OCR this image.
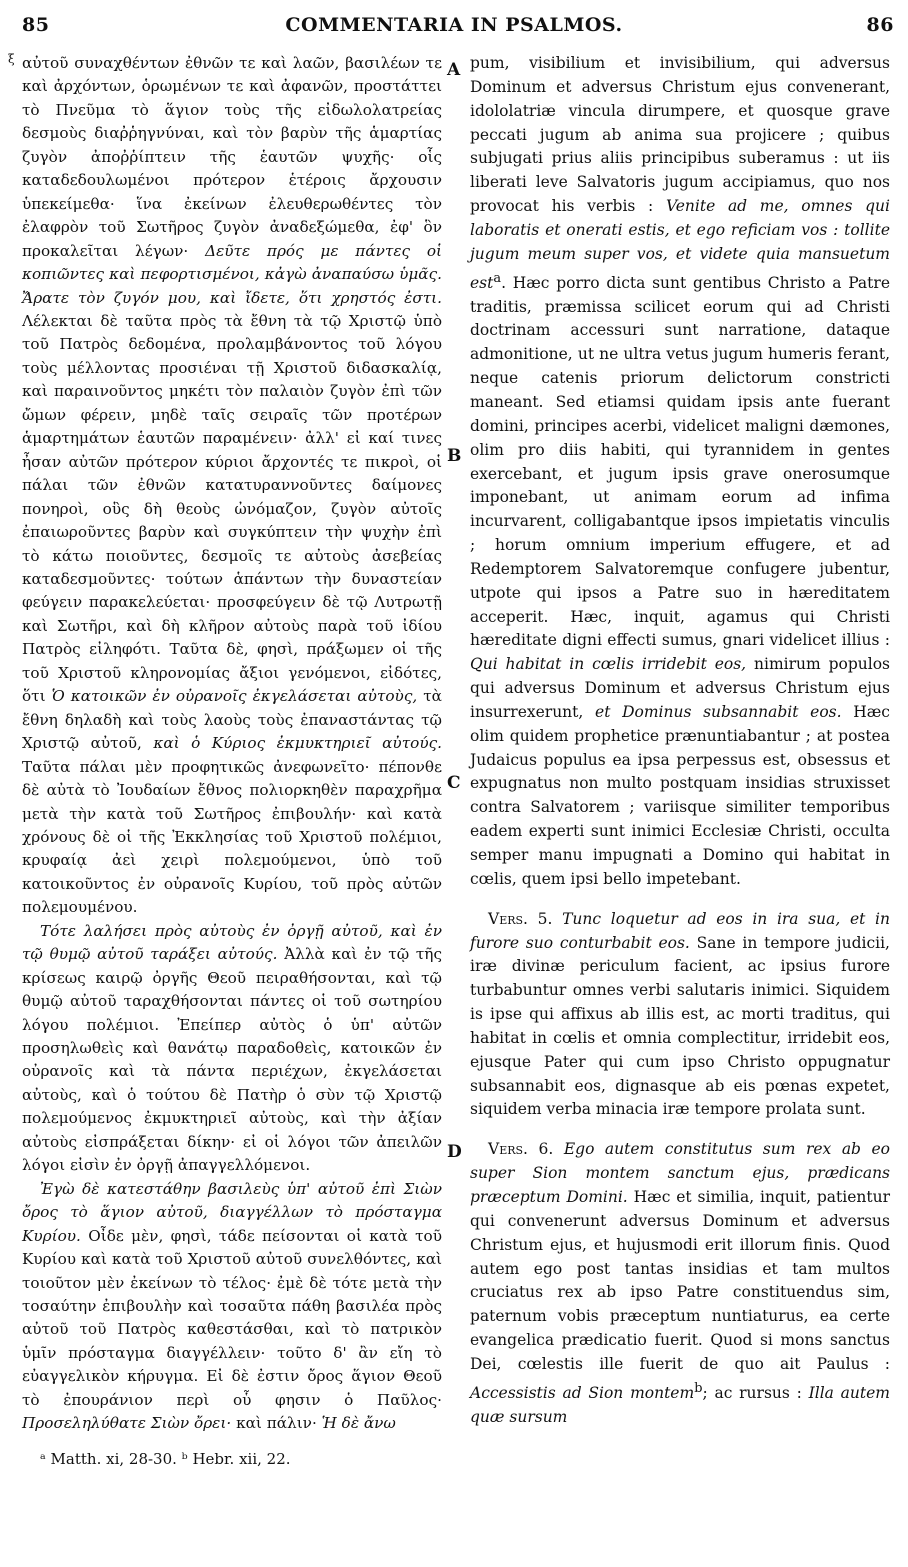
85	COMMENTARIA IN PSALMOS.	86
ξ
A
B
C
D

αὐτοῦ συναχθέντων ἐθνῶν τε καὶ λαῶν, βασιλέων τε καὶ ἀρχόντων, ὁρωμένων τε καὶ ἀφανῶν, προστάττει τὸ Πνεῦμα τὸ ἅγιον τοὺς τῆς εἰδωλολατρείας δεσμοὺς διαῤῥηγνύναι, καὶ τὸν βαρὺν τῆς ἁμαρτίας ζυγὸν ἀποῤῥίπτειν τῆς ἑαυτῶν ψυχῆς· οἷς καταδεδουλωμένοι πρότερον ἑτέροις ἄρχουσιν ὑπεκείμεθα· ἵνα ἐκείνων ἐλευθερωθέντες τὸν ἐλαφρὸν τοῦ Σωτῆρος ζυγὸν ἀναδεξώμεθα, ἐφ' ὃν προκαλεῖται λέγων· Δεῦτε πρός με πάντες οἱ κοπιῶντες καὶ πεφορτισμένοι, κἀγὼ ἀναπαύσω ὑμᾶς. Ἄρατε τὸν ζυγόν μου, καὶ ἴδετε, ὅτι χρηστός ἐστι. Λέλεκται δὲ ταῦτα πρὸς τὰ ἔθνη τὰ τῷ Χριστῷ ὑπὸ τοῦ Πατρὸς δεδομένα, προλαμβάνοντος τοῦ λόγου τοὺς μέλλοντας προσιέναι τῇ Χριστοῦ διδασκαλίᾳ, καὶ παραινοῦντος μηκέτι τὸν παλαιὸν ζυγὸν ἐπὶ τῶν ὤμων φέρειν, μηδὲ ταῖς σειραῖς τῶν προτέρων ἁμαρτημάτων ἑαυτῶν παραμένειν· ἀλλ' εἰ καί τινες ἦσαν αὐτῶν πρότερον κύριοι ἄρχοντές τε πικροὶ, οἱ πάλαι τῶν ἐθνῶν κατατυραννοῦντες δαίμονες πονηροὶ, οὓς δὴ θεοὺς ὠνόμαζον, ζυγὸν αὐτοῖς ἐπαιωροῦντες βαρὺν καὶ συγκύπτειν τὴν ψυχὴν ἐπὶ τὸ κάτω ποιοῦντες, δεσμοῖς τε αὐτοὺς ἀσεβείας καταδεσμοῦντες· τούτων ἁπάντων τὴν δυναστείαν φεύγειν παρακελεύεται· προσφεύγειν δὲ τῷ Λυτρωτῇ καὶ Σωτῆρι, καὶ δὴ κλῆρον αὐτοὺς παρὰ τοῦ ἰδίου Πατρὸς εἰληφότι. Ταῦτα δὲ, φησὶ, πράξωμεν οἱ τῆς τοῦ Χριστοῦ κληρονομίας ἄξιοι γενόμενοι, εἰδότες, ὅτι Ὁ κατοικῶν ἐν οὐρανοῖς ἐκγελάσεται αὐτοὺς, τὰ ἔθνη δηλαδὴ καὶ τοὺς λαοὺς τοὺς ἐπαναστάντας τῷ Χριστῷ αὐτοῦ, καὶ ὁ Κύριος ἐκμυκτηριεῖ αὐτούς. Ταῦτα πάλαι μὲν προφητικῶς ἀνεφωνεῖτο· πέπονθε δὲ αὐτὰ τὸ Ἰουδαίων ἔθνος πολιορκηθὲν παραχρῆμα μετὰ τὴν κατὰ τοῦ Σωτῆρος ἐπιβουλήν· καὶ κατὰ χρόνους δὲ οἱ τῆς Ἐκκλησίας τοῦ Χριστοῦ πολέμιοι, κρυφαίᾳ ἀεὶ χειρὶ πολεμούμενοι, ὑπὸ τοῦ κατοικοῦντος ἐν οὐρανοῖς Κυρίου, τοῦ πρὸς αὐτῶν πολεμουμένου.

Τότε λαλήσει πρὸς αὐτοὺς ἐν ὀργῇ αὐτοῦ, καὶ ἐν τῷ θυμῷ αὐτοῦ ταράξει αὐτούς. Ἀλλὰ καὶ ἐν τῷ τῆς κρίσεως καιρῷ ὀργῆς Θεοῦ πειραθήσονται, καὶ τῷ θυμῷ αὐτοῦ ταραχθήσονται πάντες οἱ τοῦ σωτηρίου λόγου πολέμιοι. Ἐπείπερ αὐτὸς ὁ ὑπ' αὐτῶν προσηλωθεὶς καὶ θανάτῳ παραδοθεὶς, κατοικῶν ἐν οὐρανοῖς καὶ τὰ πάντα περιέχων, ἐκγελάσεται αὐτοὺς, καὶ ὁ τούτου δὲ Πατὴρ ὁ σὺν τῷ Χριστῷ πολεμούμενος ἐκμυκτηριεῖ αὐτοὺς, καὶ τὴν ἀξίαν αὐτοὺς εἰσπράξεται δίκην· εἰ οἱ λόγοι τῶν ἀπειλῶν λόγοι εἰσὶν ἐν ὀργῇ ἀπαγγελλόμενοι.

Ἐγὼ δὲ κατεστάθην βασιλεὺς ὑπ' αὐτοῦ ἐπὶ Σιὼν ὄρος τὸ ἅγιον αὐτοῦ, διαγγέλλων τὸ πρόσταγμα Κυρίου. Οἶδε μὲν, φησὶ, τάδε πείσονται οἱ κατὰ τοῦ Κυρίου καὶ κατὰ τοῦ Χριστοῦ αὐτοῦ συνελθόντες, καὶ τοιοῦτον μὲν ἐκείνων τὸ τέλος· ἐμὲ δὲ τότε μετὰ τὴν τοσαύτην ἐπιβουλὴν καὶ τοσαῦτα πάθη βασιλέα πρὸς αὐτοῦ τοῦ Πατρὸς καθεστάσθαι, καὶ τὸ πατρικὸν ὑμῖν πρόσταγμα διαγγέλλειν· τοῦτο δ' ἂν εἴη τὸ εὐαγγελικὸν κήρυγμα. Εἰ δὲ ἐστιν ὄρος ἅγιον Θεοῦ τὸ ἐπουράνιον περὶ οὗ φησιν ὁ Παῦλος· Προσεληλύθατε Σιὼν ὄρει· καὶ πάλιν· Ἡ δὲ ἄνω

pum, visibilium et invisibilium, qui adversus Dominum et adversus Christum ejus convenerant, idololatriæ vincula dirumpere, et quosque grave peccati jugum ab anima sua projicere ; quibus subjugati prius aliis principibus suberamus : ut iis liberati leve Salvatoris jugum accipiamus, quo nos provocat his verbis : Venite ad me, omnes qui laboratis et onerati estis, et ego reficiam vos : tollite jugum meum super vos, et videte quia mansuetum est$^a$. Hæc porro dicta sunt gentibus Christo a Patre traditis, præmissa scilicet eorum qui ad Christi doctrinam accessuri sunt narratione, dataque admonitione, ut ne ultra vetus jugum humeris ferant, neque catenis priorum delictorum constricti maneant. Sed etiamsi quidam ipsis ante fuerant domini, principes acerbi, videlicet maligni dæmones, olim pro diis habiti, qui tyrannidem in gentes exercebant, et jugum ipsis grave onerosumque imponebant, ut animam eorum ad infima incurvarent, colligabantque ipsos impietatis vinculis ; horum omnium imperium effugere, et ad Redemptorem Salvatoremque confugere jubentur, utpote qui ipsos a Patre suo in hæreditatem acceperit. Hæc, inquit, agamus qui Christi hæreditate digni effecti sumus, gnari videlicet illius : Qui habitat in cœlis irridebit eos, nimirum populos qui adversus Dominum et adversus Christum ejus insurrexerunt, et Dominus subsannabit eos. Hæc olim quidem prophetice prænuntiabantur ; at postea Judaicus populus ea ipsa perpessus est, obsessus et expugnatus non multo postquam insidias struxisset contra Salvatorem ; variisque similiter temporibus eadem experti sunt inimici Ecclesiæ Christi, occulta semper manu impugnati a Domino qui habitat in cœlis, quem ipsi bello impetebant.

Vers. 5. Tunc loquetur ad eos in ira sua, et in furore suo conturbabit eos. Sane in tempore judicii, iræ divinæ periculum facient, ac ipsius furore turbabuntur omnes verbi salutaris inimici. Siquidem is ipse qui affixus ab illis est, ac morti traditus, qui habitat in cœlis et omnia complectitur, irridebit eos, ejusque Pater qui cum ipso Christo oppugnatur subsannabit eos, dignasque ab eis pœnas expetet, siquidem verba minacia iræ tempore prolata sunt.

Vers. 6. Ego autem constitutus sum rex ab eo super Sion montem sanctum ejus, prædicans præceptum Domini. Hæc et similia, inquit, patientur qui convenerunt adversus Dominum et adversus Christum ejus, et hujusmodi erit illorum finis. Quod autem ego post tantas insidias et tam multos cruciatus rex ab ipso Patre constituendus sim, paternum vobis præceptum nuntiaturus, ea certe evangelica prædicatio fuerit. Quod si mons sanctus Dei, cœlestis ille fuerit de quo ait Paulus : Accessistis ad Sion montem$^b$; ac rursus : Illa autem quæ sursum

ᵃ Matth. xi, 28-30. ᵇ Hebr. xii, 22.
